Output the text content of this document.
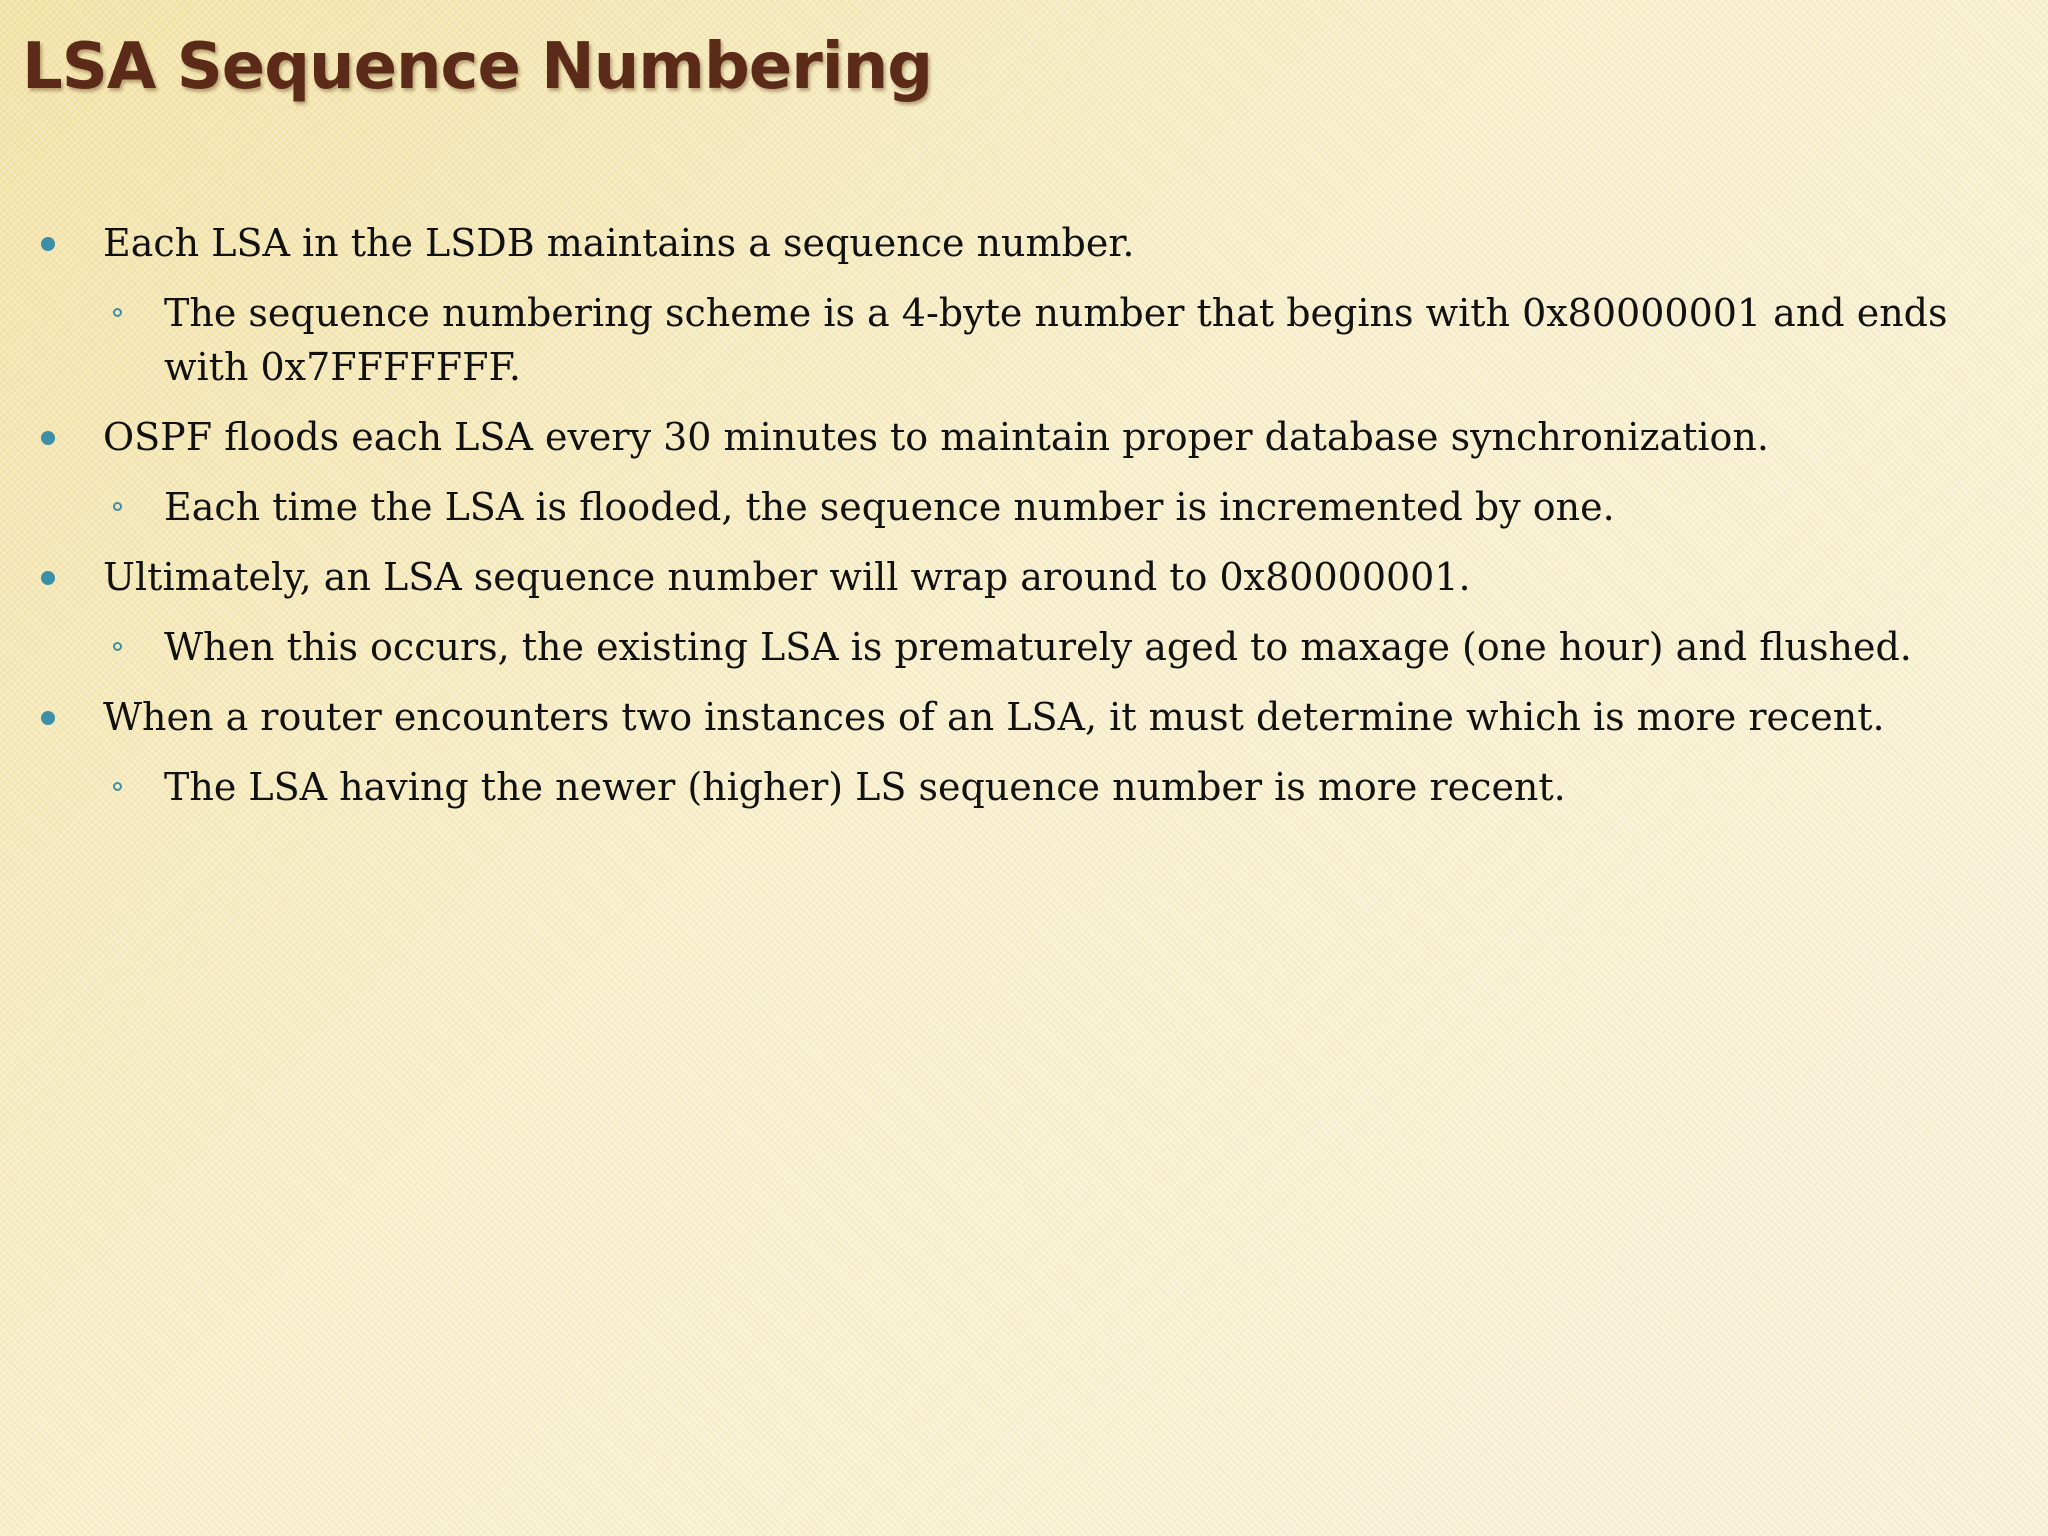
LSA Sequence Numbering
Each LSA in the LSDB maintains a sequence number.
The sequence numbering scheme is a 4-byte number that begins with 0x80000001 and ends with 0x7FFFFFFF.
OSPF floods each LSA every 30 minutes to maintain proper database synchronization.
Each time the LSA is flooded, the sequence number is incremented by one.
Ultimately, an LSA sequence number will wrap around to 0x80000001.
When this occurs, the existing LSA is prematurely aged to maxage (one hour) and flushed.
When a router encounters two instances of an LSA, it must determine which is more recent.
The LSA having the newer (higher) LS sequence number is more recent.
